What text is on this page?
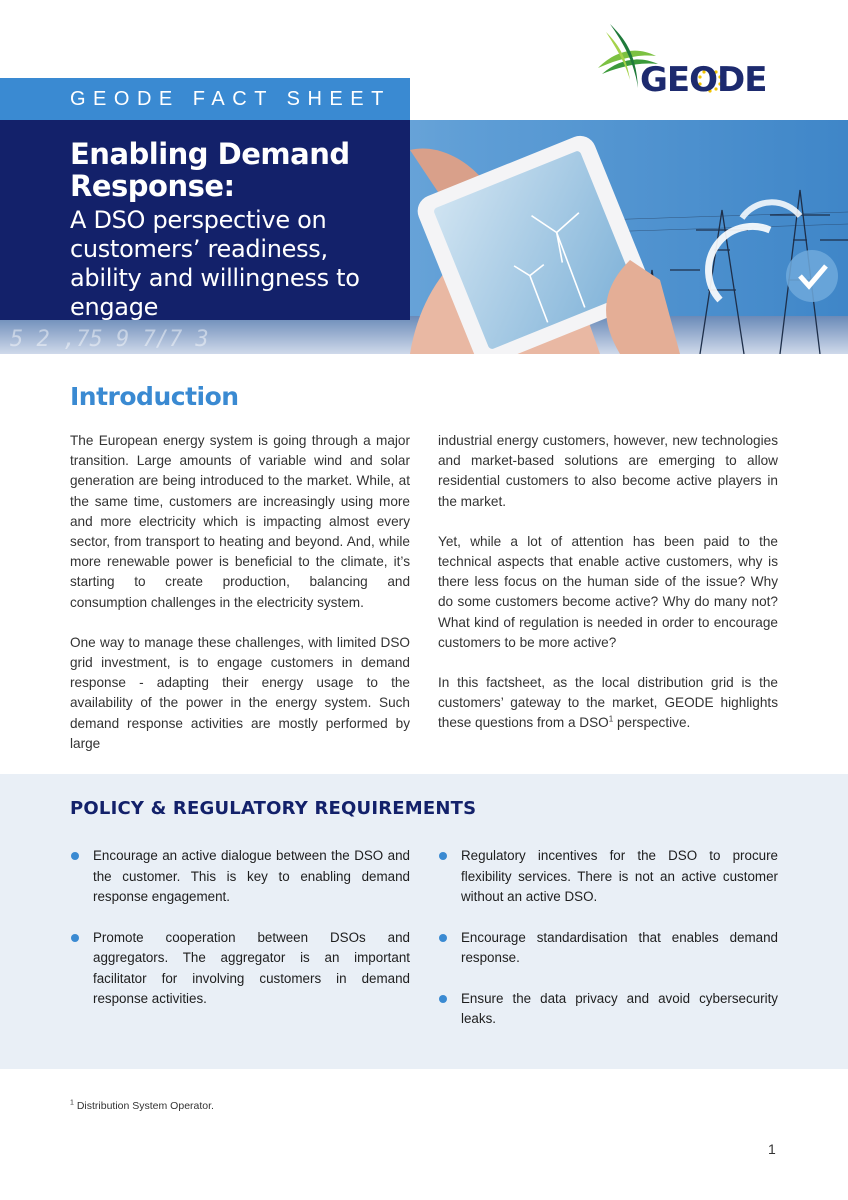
GEODE
GEODE FACT SHEET
5 2 ,75 9 7/7 3
Enabling Demand Response:
A DSO perspective on customers’ readiness, ability and willingness to engage
Introduction

The European energy system is going through a major transition. Large amounts of variable wind and solar generation are being introduced to the market. While, at the same time, customers are increasingly using more and more electricity which is impacting almost every sector, from transport to heating and beyond. And, while more renewable power is beneficial to the climate, it’s starting to create production, balancing and consumption challenges in the electricity system.

One way to manage these challenges, with limited DSO grid investment, is to engage customers in demand response - adapting their energy usage to the availability of the power in the energy system. Such demand response activities are mostly performed by large

industrial energy customers, however, new technologies and market-based solutions are emerging to allow residential customers to also become active players in the market.

Yet, while a lot of attention has been paid to the technical aspects that enable active customers, why is there less focus on the human side of the issue? Why do some customers become active? Why do many not? What kind of regulation is needed in order to encourage customers to be more active?

In this factsheet, as the local distribution grid is the customers’ gateway to the market, GEODE highlights these questions from a DSO$^1$ perspective.

POLICY & REGULATORY REQUIREMENTS
Encourage an active dialogue between the DSO and the customer. This is key to enabling demand response engagement.
Promote cooperation between DSOs and aggregators. The aggregator is an important facilitator for involving customers in demand response activities.
Regulatory incentives for the DSO to procure flexibility services. There is not an active customer without an active DSO.
Encourage standardisation that enables demand response.
Ensure the data privacy and avoid cybersecurity leaks.
$^1$ Distribution System Operator.
1
